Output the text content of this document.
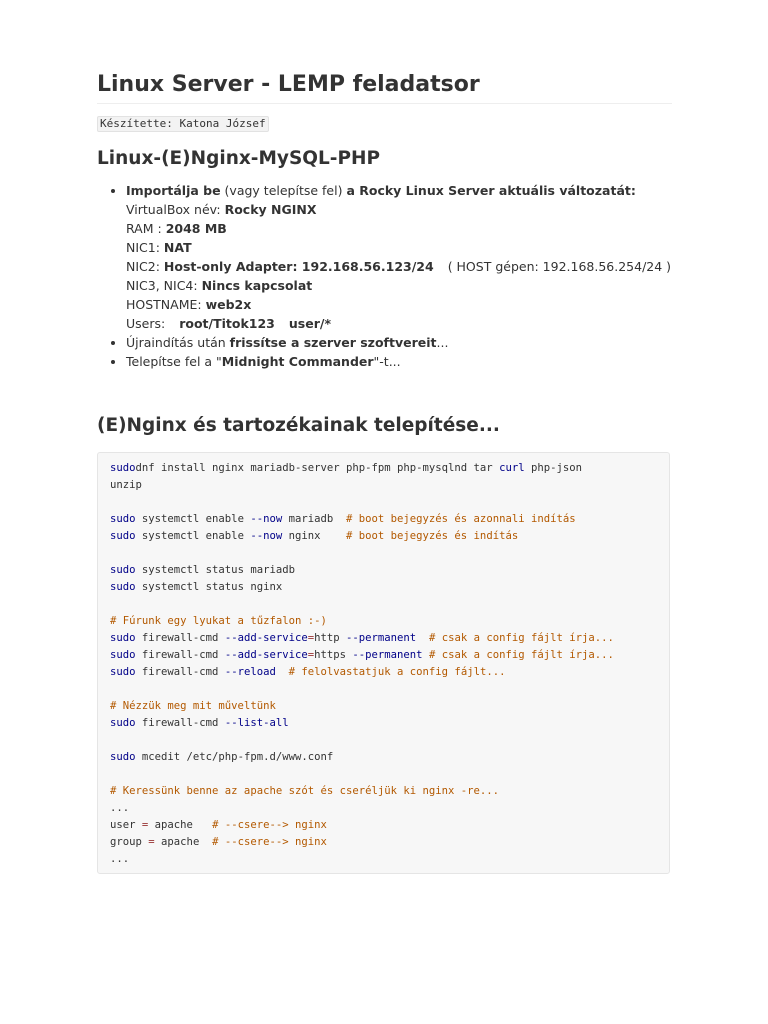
Linux Server - LEMP feladatsor
Készítette: Katona József
Linux-(E)Nginx-MySQL-PHP
• Importálja be (vagy telepítse fel) a Rocky Linux Server aktuális változatát:
VirtualBox név: Rocky NGINX
RAM : 2048 MB
NIC1: NAT
NIC2: Host-only Adapter: 192.168.56.123/24 ( HOST gépen: 192.168.56.254/24 )
NIC3, NIC4: Nincs kapcsolat
HOSTNAME: web2x
Users: root/Titok123 user/*
• Újraindítás után frissítse a szerver szoftvereit...
• Telepítse fel a "Midnight Commander"-t...
(E)Nginx és tartozékainak telepítése...
sudodnf install nginx mariadb-server php-fpm php-mysqlnd tar curl php-json
unzip

sudo systemctl enable --now mariadb  # boot bejegyzés és azonnali indítás
sudo systemctl enable --now nginx    # boot bejegyzés és indítás

sudo systemctl status mariadb
sudo systemctl status nginx

# Fúrunk egy lyukat a tűzfalon :-)
sudo firewall-cmd --add-service=http --permanent # csak a config fájlt írja...
sudo firewall-cmd --add-service=https --permanent # csak a config fájlt írja...
sudo firewall-cmd --reload # felolvastatjuk a config fájlt...

# Nézzük meg mit műveltünk
sudo firewall-cmd --list-all

sudo mcedit /etc/php-fpm.d/www.conf

# Keressünk benne az apache szót és cseréljük ki nginx -re...
...
user = apache   # --csere--> nginx
group = apache  # --csere--> nginx
...
